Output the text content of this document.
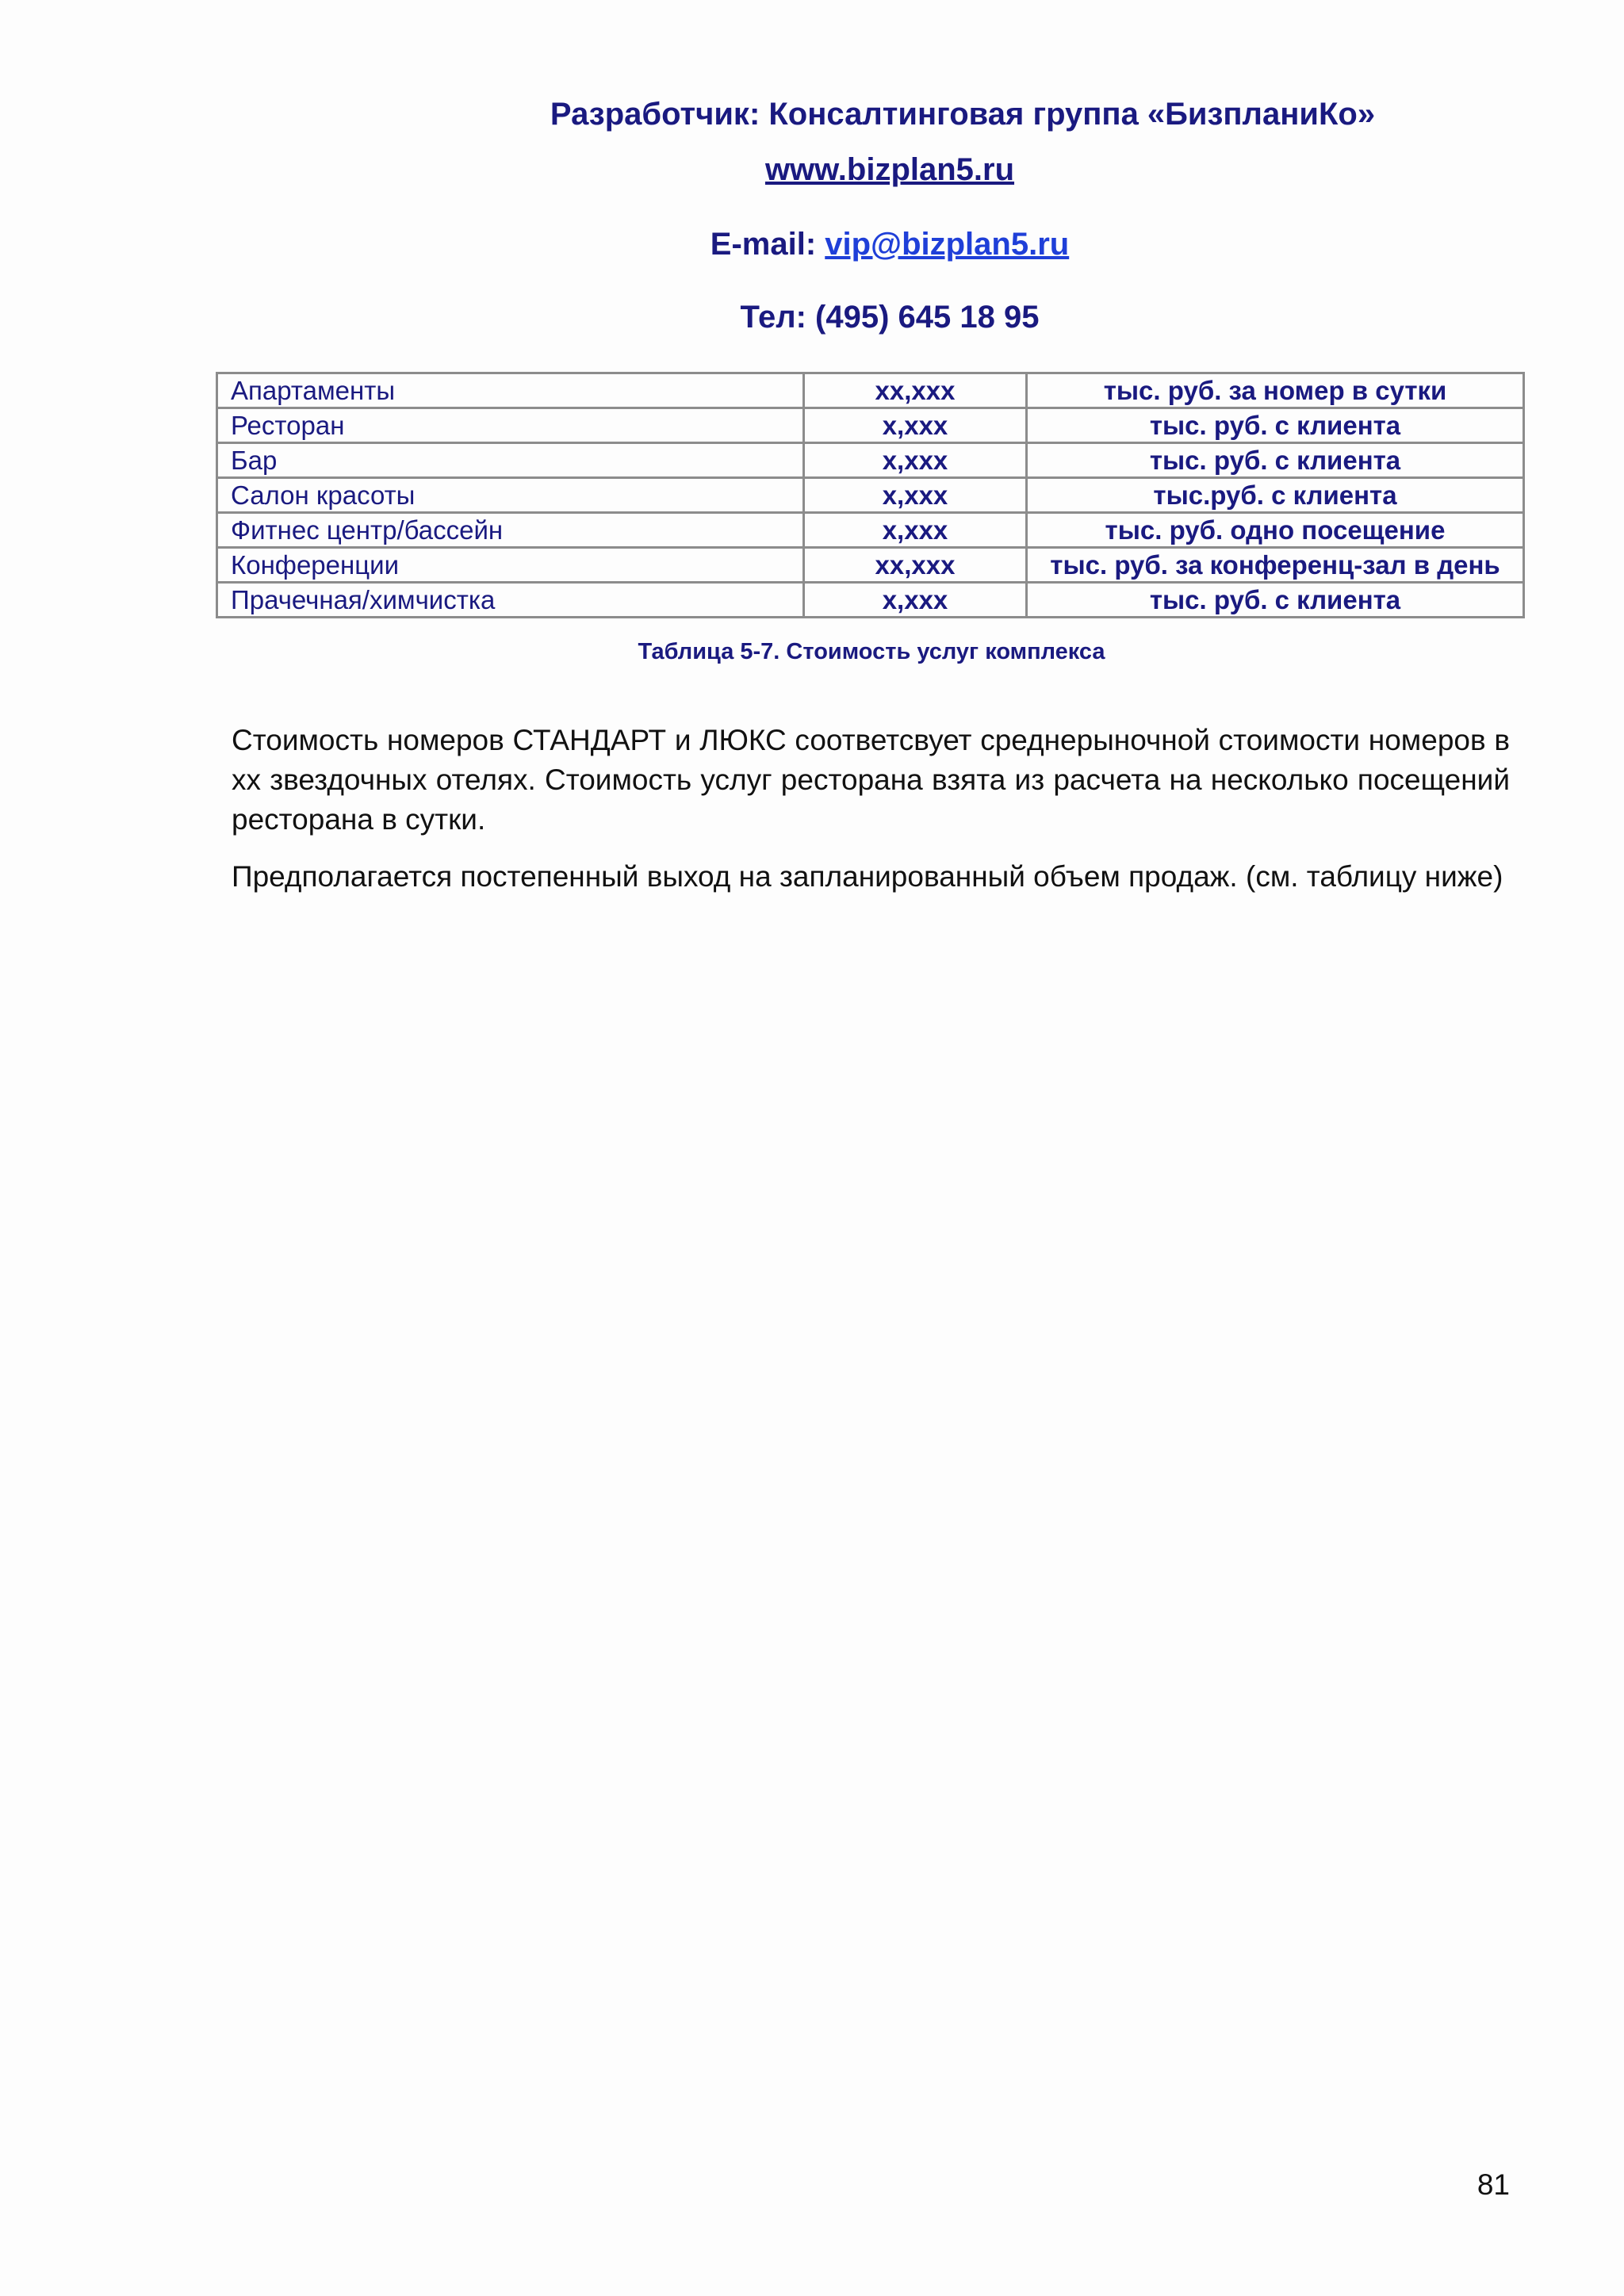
Разработчик: Консалтинговая группа «БизпланиКо»
www.bizplan5.ru
E-mail: vip@bizplan5.ru
Тел: (495) 645 18 95
Апартаменты	xx,xxx	тыс. руб. за номер в сутки
Ресторан	x,xxx	тыс. руб. с клиента
Бар	x,xxx	тыс. руб. с клиента
Салон красоты	x,xxx	тыс.руб. с клиента
Фитнес центр/бассейн	x,xxx	тыс. руб. одно посещение
Конференции	xx,xxx	тыс. руб. за конференц-зал в день
Прачечная/химчистка	x,xxx	тыс. руб. с клиента
Таблица 5-7. Стоимость услуг комплекса

Стоимость номеров СТАНДАРТ и ЛЮКС соответсвует среднерыночной стоимости номеров в xx звездочных отелях. Стоимость услуг ресторана взята из расчета на несколько посещений ресторана в сутки.

Предполагается постепенный выход на запланированный объем продаж. (см. таблицу ниже)

81
